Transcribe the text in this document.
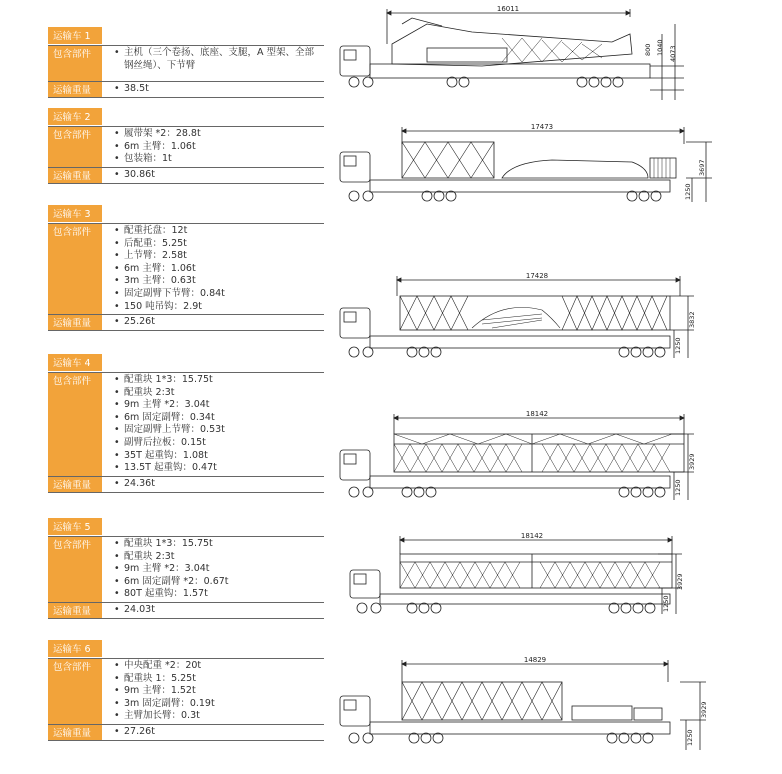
运输车 1
包含部件	• 主机（三个卷扬、底座、支腿，A 型架、全部钢丝绳）、下节臂
运输重量	• 38.5t
运输车 2
包含部件	• 履带架 *2：28.8t
• 6m 主臂：1.06t
• 包装箱：1t
运输重量	• 30.86t
运输车 3
包含部件	• 配重托盘：12t
• 后配重：5.25t
• 上节臂：2.58t
• 6m 主臂：1.06t
• 3m 主臂：0.63t
• 固定副臂下节臂：0.84t
• 150 吨吊钩：2.9t
运输重量	• 25.26t
运输车 4
包含部件	• 配重块 1*3：15.75t
• 配重块 2:3t
• 9m 主臂 *2：3.04t
• 6m 固定副臂：0.34t
• 固定副臂上节臂：0.53t
• 副臂后拉板：0.15t
• 35T 起重钩：1.08t
• 13.5T 起重钩：0.47t
运输重量	• 24.36t
运输车 5
包含部件	• 配重块 1*3：15.75t
• 配重块 2:3t
• 9m 主臂 *2：3.04t
• 6m 固定副臂 *2：0.67t
• 80T 起重钩：1.57t
运输重量	• 24.03t
运输车 6
包含部件	• 中央配重 *2：20t
• 配重块 1：5.25t
• 9m 主臂：1.52t
• 3m 固定副臂：0.19t
• 主臂加长臂：0.3t
运输重量	• 27.26t
16011
800 1040 4073
17473
1250
3697
17428
1250
3832
18142
1250
3929
18142
1250
3929
14829
1250
3929
